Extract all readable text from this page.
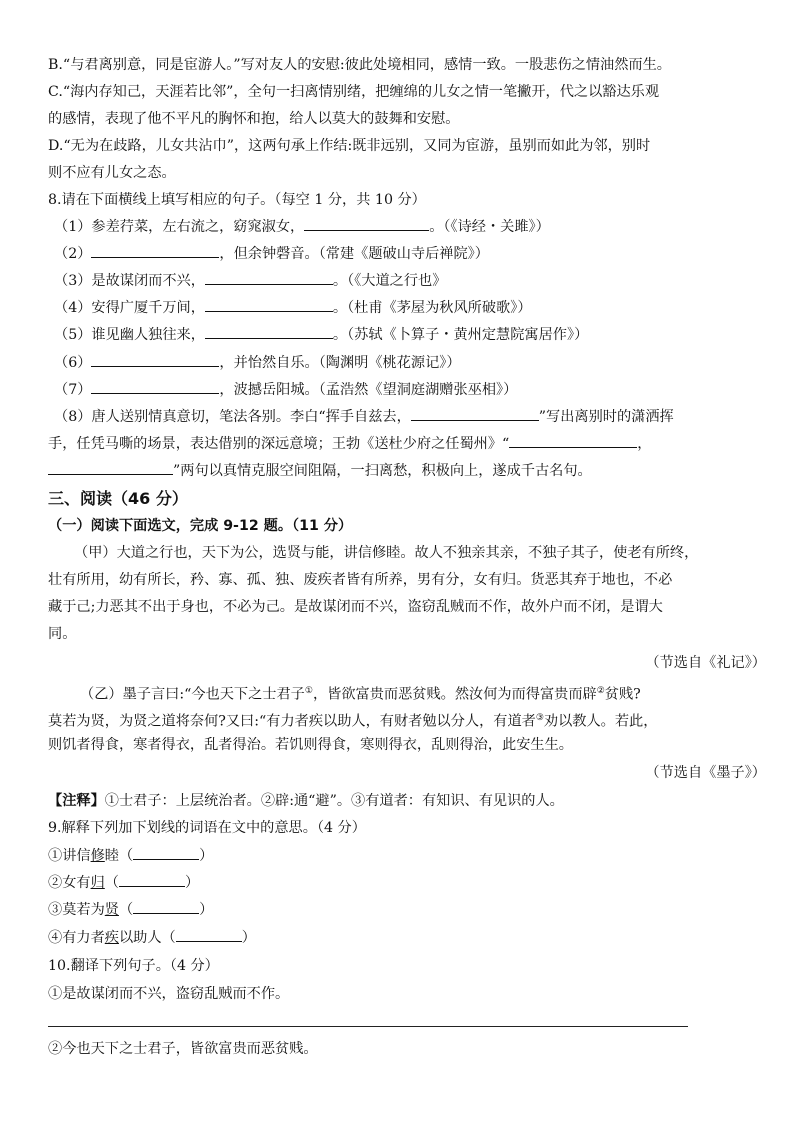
B.“与君离别意，同是宦游人。”写对友人的安慰:彼此处境相同，感情一致。一股悲伤之情油然而生。
C.“海内存知己，天涯若比邻”，全句一扫离情别绪，把缠绵的儿女之情一笔撇开，代之以豁达乐观
的感情，表现了他不平凡的胸怀和抱，给人以莫大的鼓舞和安慰。
D.“无为在歧路，儿女共沾巾”，这两句承上作结:既非远别，又同为宦游，虽别而如此为邻，别时
则不应有儿女之态。
8.请在下面横线上填写相应的句子。（每空 1 分，共 10 分）
（1）参差荇菜，左右流之，窈窕淑女，	。（《诗经・关雎》）
（2）	，但余钟磬音。（常建《题破山寺后禅院》）
（3）是故谋闭而不兴，	。（《大道之行也》
（4）安得广厦千万间，	。（杜甫《茅屋为秋风所破歌》）
（5）谁见幽人独往来，	。（苏轼《卜算子・黄州定慧院寓居作》）
（6）	，并怡然自乐。（陶渊明《桃花源记》）
（7）	，波撼岳阳城。（孟浩然《望洞庭湖赠张巫相》）
（8）唐人送别情真意切，笔法各别。李白“挥手自兹去，	”写出离别时的潇洒挥
手，任凭马嘶的场景，表达借别的深远意境；王勃《送杜少府之任蜀州》“	，
”两句以真情克服空间阻隔，一扫离愁，积极向上，遂成千古名句。
三、阅读（46 分）
（一）阅读下面选文，完成 9-12 题。（11 分）
（甲）大道之行也，天下为公，选贤与能，讲信修睦。故人不独亲其亲，不独子其子，使老有所终，
壮有所用，幼有所长，矜、寡、孤、独、废疾者皆有所养，男有分，女有归。货恶其弃于地也，不必
藏于己;力恶其不出于身也，不必为己。是故谋闭而不兴，盗窃乱贼而不作，故外户而不闭，是谓大
同。
（节选自《礼记》）
（乙）墨子言曰:“今也天下之士君子①，皆欲富贵而恶贫贱。然汝何为而得富贵而辟②贫贱?
莫若为贤，为贤之道将奈何?又曰:“有力者疾以助人，有财者勉以分人，有道者③劝以教人。若此，
则饥者得食，寒者得衣，乱者得治。若饥则得食，寒则得衣，乱则得治，此安生生。
（节选自《墨子》）
【注释】①士君子：上层统治者。②辟:通“避”。③有道者：有知识、有见识的人。
9.解释下列加下划线的词语在文中的意思。（4 分）
①讲信修睦（	）
②女有归（	）
③莫若为贤（	）
④有力者疾以助人（	）
10.翻译下列句子。（4 分）
①是故谋闭而不兴，盗窃乱贼而不作。
②今也天下之士君子，皆欲富贵而恶贫贱。
